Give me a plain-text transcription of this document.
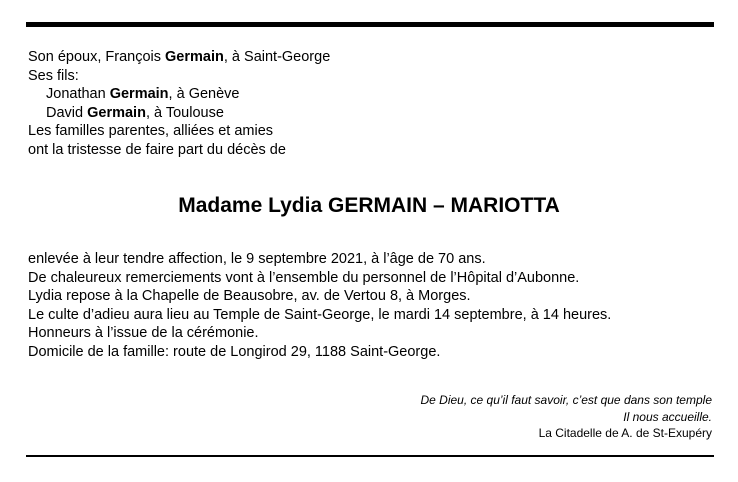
Son époux, François Germain, à Saint-George
Ses fils:
Jonathan Germain, à Genève
David Germain, à Toulouse
Les familles parentes, alliées et amies
ont la tristesse de faire part du décès de
Madame Lydia GERMAIN – MARIOTTA
enlevée à leur tendre affection, le 9 septembre 2021, à l’âge de 70 ans.
De chaleureux remerciements vont à l’ensemble du personnel de l’Hôpital d’Aubonne.
Lydia repose à la Chapelle de Beausobre, av. de Vertou 8, à Morges.
Le culte d’adieu aura lieu au Temple de Saint-George, le mardi 14 septembre, à 14 heures.
Honneurs à l’issue de la cérémonie.
Domicile de la famille: route de Longirod 29, 1188 Saint-George.
De Dieu, ce qu’il faut savoir, c’est que dans son temple
Il nous accueille.
La Citadelle de A. de St-Exupéry
